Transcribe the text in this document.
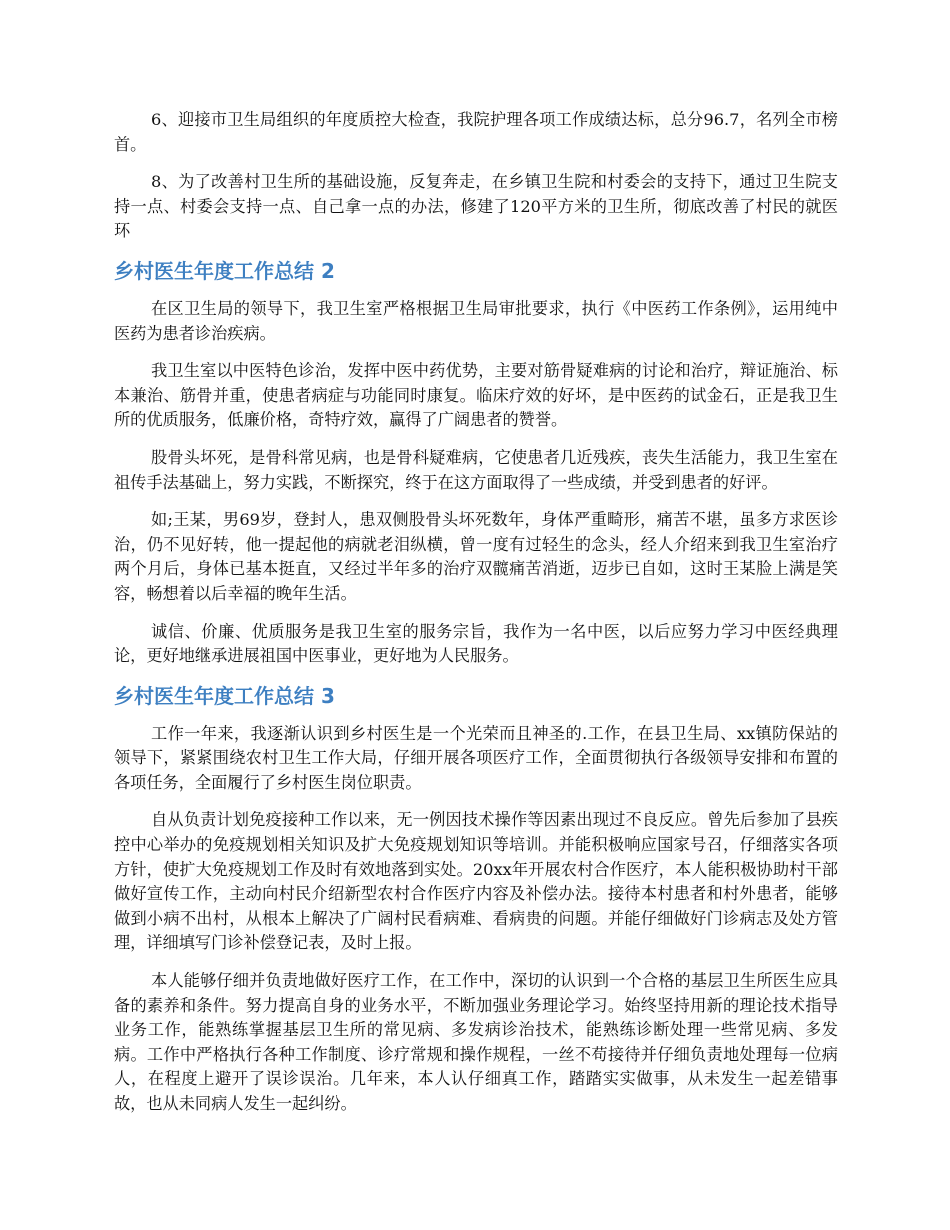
6、迎接市卫生局组织的年度质控大检查，我院护理各项工作成绩达标，总分96.7，名列全市榜首。

8、为了改善村卫生所的基础设施，反复奔走，在乡镇卫生院和村委会的支持下，通过卫生院支持一点、村委会支持一点、自己拿一点的办法，修建了120平方米的卫生所，彻底改善了村民的就医环

乡村医生年度工作总结 2

在区卫生局的领导下，我卫生室严格根据卫生局审批要求，执行《中医药工作条例》，运用纯中医药为患者诊治疾病。

我卫生室以中医特色诊治，发挥中医中药优势，主要对筋骨疑难病的讨论和治疗，辩证施治、标本兼治、筋骨并重，使患者病症与功能同时康复。临床疗效的好坏，是中医药的试金石，正是我卫生所的优质服务，低廉价格，奇特疗效，赢得了广阔患者的赞誉。

股骨头坏死，是骨科常见病，也是骨科疑难病，它使患者几近残疾，丧失生活能力，我卫生室在祖传手法基础上，努力实践，不断探究，终于在这方面取得了一些成绩，并受到患者的好评。

如;王某，男69岁，登封人，患双侧股骨头坏死数年，身体严重畸形，痛苦不堪，虽多方求医诊治，仍不见好转，他一提起他的病就老泪纵横，曾一度有过轻生的念头，经人介绍来到我卫生室治疗两个月后，身体已基本挺直，又经过半年多的治疗双髋痛苦消逝，迈步已自如，这时王某脸上满是笑容，畅想着以后幸福的晚年生活。

诚信、价廉、优质服务是我卫生室的服务宗旨，我作为一名中医，以后应努力学习中医经典理论，更好地继承进展祖国中医事业，更好地为人民服务。

乡村医生年度工作总结 3

工作一年来，我逐渐认识到乡村医生是一个光荣而且神圣的.工作，在县卫生局、xx镇防保站的领导下，紧紧围绕农村卫生工作大局，仔细开展各项医疗工作，全面贯彻执行各级领导安排和布置的各项任务，全面履行了乡村医生岗位职责。

自从负责计划免疫接种工作以来，无一例因技术操作等因素出现过不良反应。曾先后参加了县疾控中心举办的免疫规划相关知识及扩大免疫规划知识等培训。并能积极响应国家号召，仔细落实各项方针，使扩大免疫规划工作及时有效地落到实处。20xx年开展农村合作医疗，本人能积极协助村干部做好宣传工作，主动向村民介绍新型农村合作医疗内容及补偿办法。接待本村患者和村外患者，能够做到小病不出村，从根本上解决了广阔村民看病难、看病贵的问题。并能仔细做好门诊病志及处方管理，详细填写门诊补偿登记表，及时上报。

本人能够仔细并负责地做好医疗工作，在工作中，深切的认识到一个合格的基层卫生所医生应具备的素养和条件。努力提高自身的业务水平，不断加强业务理论学习。始终坚持用新的理论技术指导业务工作，能熟练掌握基层卫生所的常见病、多发病诊治技术，能熟练诊断处理一些常见病、多发病。工作中严格执行各种工作制度、诊疗常规和操作规程，一丝不苟接待并仔细负责地处理每一位病人，在程度上避开了误诊误治。几年来，本人认仔细真工作，踏踏实实做事，从未发生一起差错事故，也从未同病人发生一起纠纷。
